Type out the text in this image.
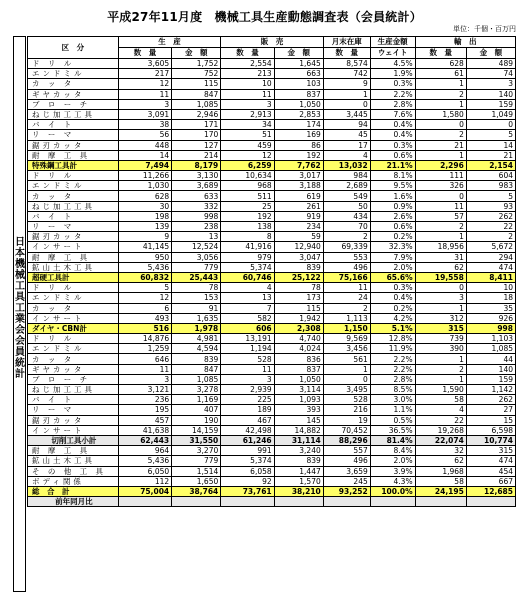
平成27年11月度　機械工具生産動態調査表（会員統計）
単位：千個・百万円
日本機械工具工業会会員統計
区　分	生　産		販　売		月末在庫	生産金額	輸　出	
	数　量	金　額	数　量	金　額	数　量	ウェイト	数　量	金　額
ド リ ル	3,605	1,752	2,554	1,645	8,574	4.5%	628	489
エンドミル	217	752	213	663	742	1.9%	61	74
カ ッ タ	12	115	10	103	9	0.3%	1	3
ギヤカッタ	11	847	11	837	1	2.2%	2	140
ブ ロ ー チ	3	1,085	3	1,050	0	2.8%	1	159
ねじ加工工具	3,091	2,946	2,913	2,853	3,445	7.6%	1,580	1,049
バ イ ト	38	171	34	174	94	0.4%	0	0
リ ー マ	56	170	51	169	45	0.4%	2	5
鋸刃カッタ	448	127	459	86	17	0.3%	21	14
耐 摩 工 具	14	214	12	192	4	0.6%	1	21
特殊鋼工具計	7,494	8,179	6,259	7,762	13,032	21.1%	2,296	2,154
ド リ ル	11,266	3,130	10,634	3,017	984	8.1%	111	604
エンドミル	1,030	3,689	968	3,188	2,689	9.5%	326	983
カ ッ タ	628	633	511	619	549	1.6%	0	5
ねじ加工工具	30	332	25	261	50	0.9%	11	93
バ イ ト	198	998	192	919	434	2.6%	57	262
リ ー マ	139	238	138	234	70	0.6%	2	22
鋸刃カッタ	9	13	8	59	2	0.2%	1	2
インサート	41,145	12,524	41,916	12,940	69,339	32.3%	18,956	5,672
耐 摩 工 具	950	3,056	979	3,047	553	7.9%	31	294
鉱山土木工具	5,436	779	5,374	839	496	2.0%	62	474
超硬工具計	60,832	25,443	60,746	25,122	75,166	65.6%	19,558	8,411
ド リ ル	5	78	4	78	11	0.3%	0	10
エンドミル	12	153	13	173	24	0.4%	3	18
カ ッ タ	6	91	7	115	2	0.2%	1	35
インサート	493	1,635	582	1,942	1,113	4.2%	312	926
ダイヤ・CBN計	516	1,978	606	2,308	1,150	5.1%	315	998
ド リ ル	14,876	4,981	13,191	4,740	9,569	12.8%	739	1,103
エンドミル	1,259	4,594	1,194	4,024	3,456	11.9%	390	1,085
カ ッ タ	646	839	528	836	561	2.2%	1	44
ギヤカッタ	11	847	11	837	1	2.2%	2	140
ブ ロ ー チ	3	1,085	3	1,050	0	2.8%	1	159
ねじ加工工具	3,121	3,278	2,939	3,114	3,495	8.5%	1,590	1,142
バ イ ト	236	1,169	225	1,093	528	3.0%	58	262
リ ー マ	195	407	189	393	216	1.1%	4	27
鋸刃カッタ	457	190	467	145	19	0.5%	22	15
インサート	41,638	14,159	42,498	14,882	70,452	36.5%	19,268	6,598
切削工具小計	62,443	31,550	61,246	31,114	88,296	81.4%	22,074	10,774
耐 摩 工 具	964	3,270	991	3,240	557	8.4%	32	315
鉱山土木工具	5,436	779	5,374	839	496	2.0%	62	474
そ の 他 工 具	6,050	1,514	6,058	1,447	3,659	3.9%	1,968	454
ボディ関係	112	1,650	92	1,570	245	4.3%	58	667
総　合　計	75,004	38,764	73,761	38,210	93,252	100.0%	24,195	12,685
前年同月比								
